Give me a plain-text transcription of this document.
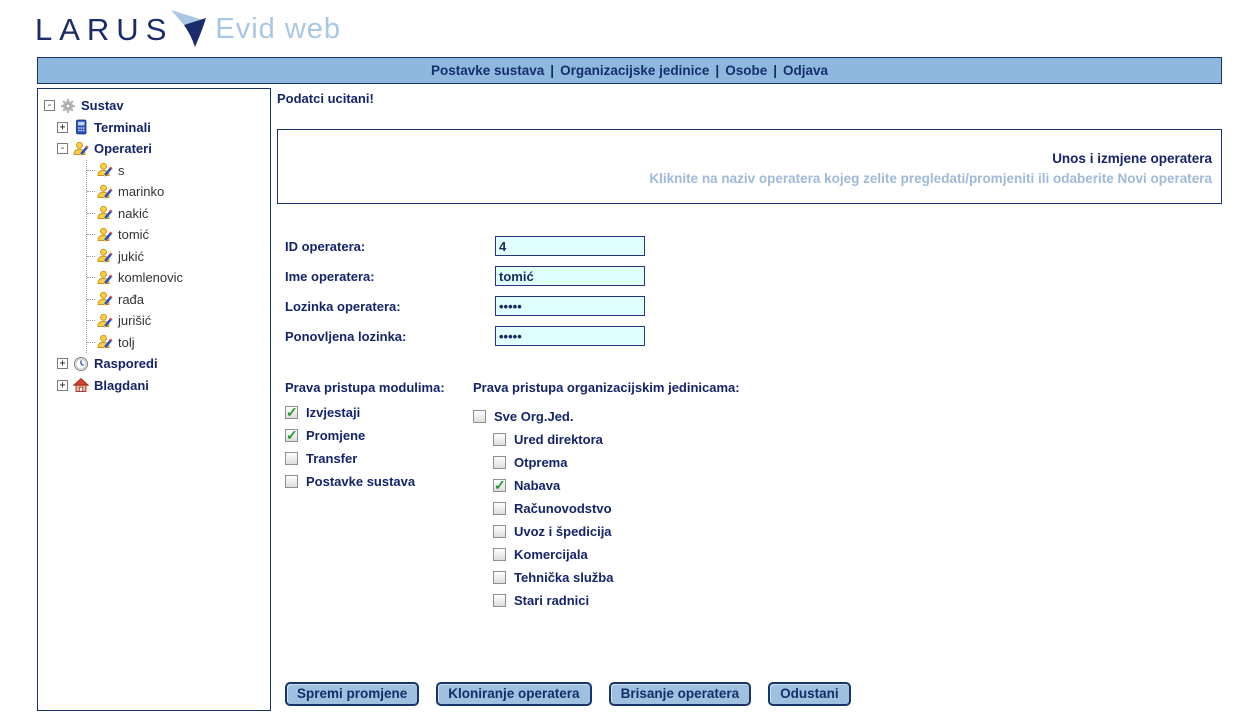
LARUS Evid web
Postavke sustava | Organizacijske jedinice | Osobe | Odjava
- Sustav
+ Terminali
- Operateri
s
marinko
nakić
tomić
jukić
komlenovic
rađa
jurišić
tolj
+ Rasporedi
+ Blagdani
Podatci ucitani!
Unos i izmjene operatera
Kliknite na naziv operatera kojeg zelite pregledati/promjeniti ili odaberite Novi operatera
ID operatera:
4
Ime operatera:
tomić
Lozinka operatera:
•••••
Ponovljena lozinka:
•••••
Prava pristupa modulima:
✓
Izvjestaji
✓
Promjene
Transfer
Postavke sustava
Prava pristupa organizacijskim jedinicama:
Sve Org.Jed.
Ured direktora
Otprema
✓
Nabava
Računovodstvo
Uvoz i špedicija
Komercijala
Tehnička služba
Stari radnici
Spremi promjene	Kloniranje operatera	Brisanje operatera	Odustani
